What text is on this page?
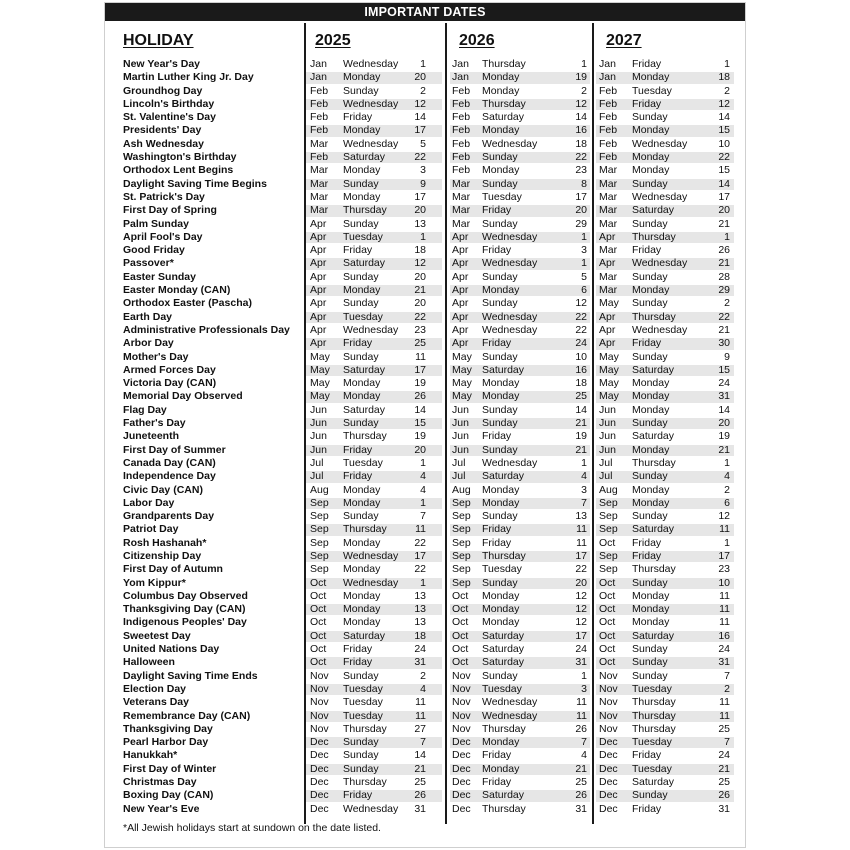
IMPORTANT DATES
HOLIDAY	2025	2026	2027
New Year's Day	Jan	Wednesday	1 Jan	Thursday	1 Jan	Friday	1
Martin Luther King Jr. Day	Jan	Monday	20 Jan	Monday	19 Jan	Monday	18
Groundhog Day	Feb	Sunday	2 Feb	Monday	2 Feb	Tuesday	2
Lincoln's Birthday	Feb	Wednesday	12 Feb	Thursday	12 Feb	Friday	12
St. Valentine's Day	Feb	Friday	14 Feb	Saturday	14 Feb	Sunday	14
Presidents' Day	Feb	Monday	17 Feb	Monday	16 Feb	Monday	15
Ash Wednesday	Mar	Wednesday	5 Feb	Wednesday	18 Feb	Wednesday	10
Washington's Birthday	Feb	Saturday	22 Feb	Sunday	22 Feb	Monday	22
Orthodox Lent Begins	Mar	Monday	3 Feb	Monday	23 Mar	Monday	15
Daylight Saving Time Begins	Mar	Sunday	9 Mar	Sunday	8 Mar	Sunday	14
St. Patrick's Day	Mar	Monday	17 Mar	Tuesday	17 Mar	Wednesday	17
First Day of Spring	Mar	Thursday	20 Mar	Friday	20 Mar	Saturday	20
Palm Sunday	Apr	Sunday	13 Mar	Sunday	29 Mar	Sunday	21
April Fool's Day	Apr	Tuesday	1 Apr	Wednesday	1 Apr	Thursday	1
Good Friday	Apr	Friday	18 Apr	Friday	3 Mar	Friday	26
Passover*	Apr	Saturday	12 Apr	Wednesday	1 Apr	Wednesday	21
Easter Sunday	Apr	Sunday	20 Apr	Sunday	5 Mar	Sunday	28
Easter Monday (CAN)	Apr	Monday	21 Apr	Monday	6 Mar	Monday	29
Orthodox Easter (Pascha)	Apr	Sunday	20 Apr	Sunday	12 May	Sunday	2
Earth Day	Apr	Tuesday	22 Apr	Wednesday	22 Apr	Thursday	22
Administrative Professionals Day Apr	Wednesday	23 Apr	Wednesday	22 Apr	Wednesday	21
Arbor Day	Apr	Friday	25 Apr	Friday	24 Apr	Friday	30
Mother's Day	May	Sunday	11 May Sunday	10 May	Sunday	9
Armed Forces Day	May	Saturday	17 May Saturday	16 May	Saturday	15
Victoria Day (CAN)	May	Monday	19 May Monday	18 May	Monday	24
Memorial Day Observed	May	Monday	26 May Monday	25 May	Monday	31
Flag Day	Jun	Saturday	14 Jun	Sunday	14 Jun	Monday	14
Father's Day	Jun	Sunday	15 Jun	Sunday	21 Jun	Sunday	20
Juneteenth	Jun	Thursday	19 Jun	Friday	19 Jun	Saturday	19
First Day of Summer	Jun	Friday	20 Jun	Sunday	21 Jun	Monday	21
Canada Day (CAN)	Jul	Tuesday	1 Jul	Wednesday	1 Jul	Thursday	1
Independence Day	Jul	Friday	4 Jul	Saturday	4 Jul	Sunday	4
Civic Day (CAN)	Aug	Monday	4 Aug	Monday	3 Aug	Monday	2
Labor Day	Sep	Monday	1 Sep	Monday	7 Sep	Monday	6
Grandparents Day	Sep	Sunday	7 Sep	Sunday	13 Sep	Sunday	12
Patriot Day	Sep	Thursday	11 Sep	Friday	11 Sep	Saturday	11
Rosh Hashanah*	Sep	Monday	22 Sep	Friday	11 Oct	Friday	1
Citizenship Day	Sep	Wednesday	17 Sep	Thursday	17 Sep	Friday	17
First Day of Autumn	Sep	Monday	22 Sep	Tuesday	22 Sep	Thursday	23
Yom Kippur*	Oct	Wednesday	1 Sep	Sunday	20 Oct	Sunday	10
Columbus Day Observed	Oct	Monday	13 Oct	Monday	12 Oct	Monday	11
Thanksgiving Day (CAN)	Oct	Monday	13 Oct	Monday	12 Oct	Monday	11
Indigenous Peoples' Day	Oct	Monday	13 Oct	Monday	12 Oct	Monday	11
Sweetest Day	Oct	Saturday	18 Oct	Saturday	17 Oct	Saturday	16
United Nations Day	Oct	Friday	24 Oct	Saturday	24 Oct	Sunday	24
Halloween	Oct	Friday	31 Oct	Saturday	31 Oct	Sunday	31
Daylight Saving Time Ends	Nov	Sunday	2 Nov	Sunday	1 Nov	Sunday	7
Election Day	Nov	Tuesday	4 Nov	Tuesday	3 Nov	Tuesday	2
Veterans Day	Nov	Tuesday	11 Nov	Wednesday	11 Nov	Thursday	11
Remembrance Day (CAN)	Nov	Tuesday	11 Nov	Wednesday	11 Nov	Thursday	11
Thanksgiving Day	Nov	Thursday	27 Nov	Thursday	26 Nov	Thursday	25
Pearl Harbor Day	Dec	Sunday	7 Dec	Monday	7 Dec	Tuesday	7
Hanukkah*	Dec	Sunday	14 Dec	Friday	4 Dec	Friday	24
First Day of Winter	Dec	Sunday	21 Dec	Monday	21 Dec	Tuesday	21
Christmas Day	Dec	Thursday	25 Dec	Friday	25 Dec	Saturday	25
Boxing Day (CAN)	Dec	Friday	26 Dec	Saturday	26 Dec	Sunday	26
New Year's Eve	Dec	Wednesday	31 Dec	Thursday	31 Dec	Friday	31
*All Jewish holidays start at sundown on the date listed.
